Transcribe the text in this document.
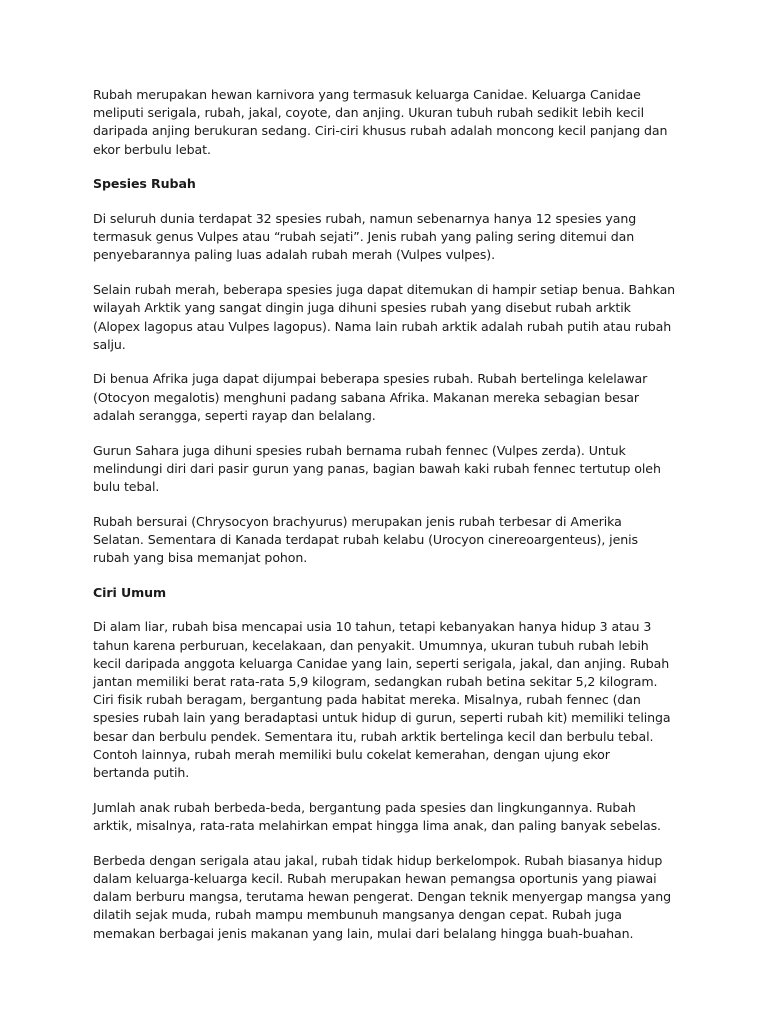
Rubah merupakan hewan karnivora yang termasuk keluarga Canidae. Keluarga Canidae
meliputi serigala, rubah, jakal, coyote, dan anjing. Ukuran tubuh rubah sedikit lebih kecil
daripada anjing berukuran sedang. Ciri-ciri khusus rubah adalah moncong kecil panjang dan
ekor berbulu lebat.

Spesies Rubah

Di seluruh dunia terdapat 32 spesies rubah, namun sebenarnya hanya 12 spesies yang
termasuk genus Vulpes atau “rubah sejati”. Jenis rubah yang paling sering ditemui dan
penyebarannya paling luas adalah rubah merah (Vulpes vulpes).

Selain rubah merah, beberapa spesies juga dapat ditemukan di hampir setiap benua. Bahkan
wilayah Arktik yang sangat dingin juga dihuni spesies rubah yang disebut rubah arktik
(Alopex lagopus atau Vulpes lagopus). Nama lain rubah arktik adalah rubah putih atau rubah
salju.

Di benua Afrika juga dapat dijumpai beberapa spesies rubah. Rubah bertelinga kelelawar
(Otocyon megalotis) menghuni padang sabana Afrika. Makanan mereka sebagian besar
adalah serangga, seperti rayap dan belalang.

Gurun Sahara juga dihuni spesies rubah bernama rubah fennec (Vulpes zerda). Untuk
melindungi diri dari pasir gurun yang panas, bagian bawah kaki rubah fennec tertutup oleh
bulu tebal.

Rubah bersurai (Chrysocyon brachyurus) merupakan jenis rubah terbesar di Amerika
Selatan. Sementara di Kanada terdapat rubah kelabu (Urocyon cinereoargenteus), jenis
rubah yang bisa memanjat pohon.

Ciri Umum

Di alam liar, rubah bisa mencapai usia 10 tahun, tetapi kebanyakan hanya hidup 3 atau 3
tahun karena perburuan, kecelakaan, dan penyakit. Umumnya, ukuran tubuh rubah lebih
kecil daripada anggota keluarga Canidae yang lain, seperti serigala, jakal, dan anjing. Rubah
jantan memiliki berat rata-rata 5,9 kilogram, sedangkan rubah betina sekitar 5,2 kilogram.
Ciri fisik rubah beragam, bergantung pada habitat mereka. Misalnya, rubah fennec (dan
spesies rubah lain yang beradaptasi untuk hidup di gurun, seperti rubah kit) memiliki telinga
besar dan berbulu pendek. Sementara itu, rubah arktik bertelinga kecil dan berbulu tebal.
Contoh lainnya, rubah merah memiliki bulu cokelat kemerahan, dengan ujung ekor
bertanda putih.

Jumlah anak rubah berbeda-beda, bergantung pada spesies dan lingkungannya. Rubah
arktik, misalnya, rata-rata melahirkan empat hingga lima anak, dan paling banyak sebelas.

Berbeda dengan serigala atau jakal, rubah tidak hidup berkelompok. Rubah biasanya hidup
dalam keluarga-keluarga kecil. Rubah merupakan hewan pemangsa oportunis yang piawai
dalam berburu mangsa, terutama hewan pengerat. Dengan teknik menyergap mangsa yang
dilatih sejak muda, rubah mampu membunuh mangsanya dengan cepat. Rubah juga
memakan berbagai jenis makanan yang lain, mulai dari belalang hingga buah-buahan.
